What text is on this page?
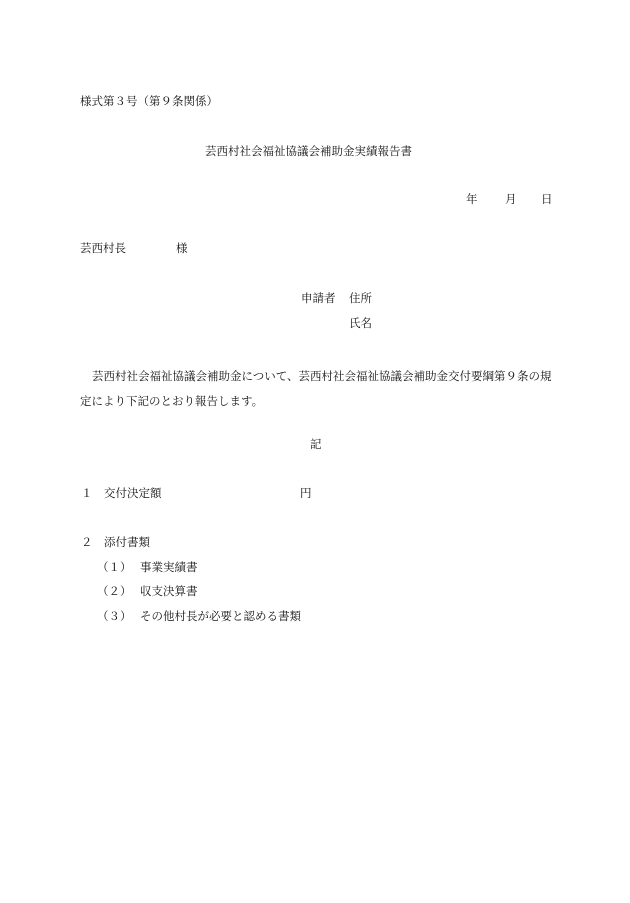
様式第３号（第９条関係）
芸西村社会福祉協議会補助金実績報告書
年 月 日
芸西村長	様
申請者 住所
氏名
芸西村社会福祉協議会補助金について、芸西村社会福祉協議会補助金交付要綱第９条の規定により下記のとおり報告します。
記
１ 交付決定額	円
２ 添付書類
（１） 事業実績書
（２） 収支決算書
（３） その他村長が必要と認める書類
